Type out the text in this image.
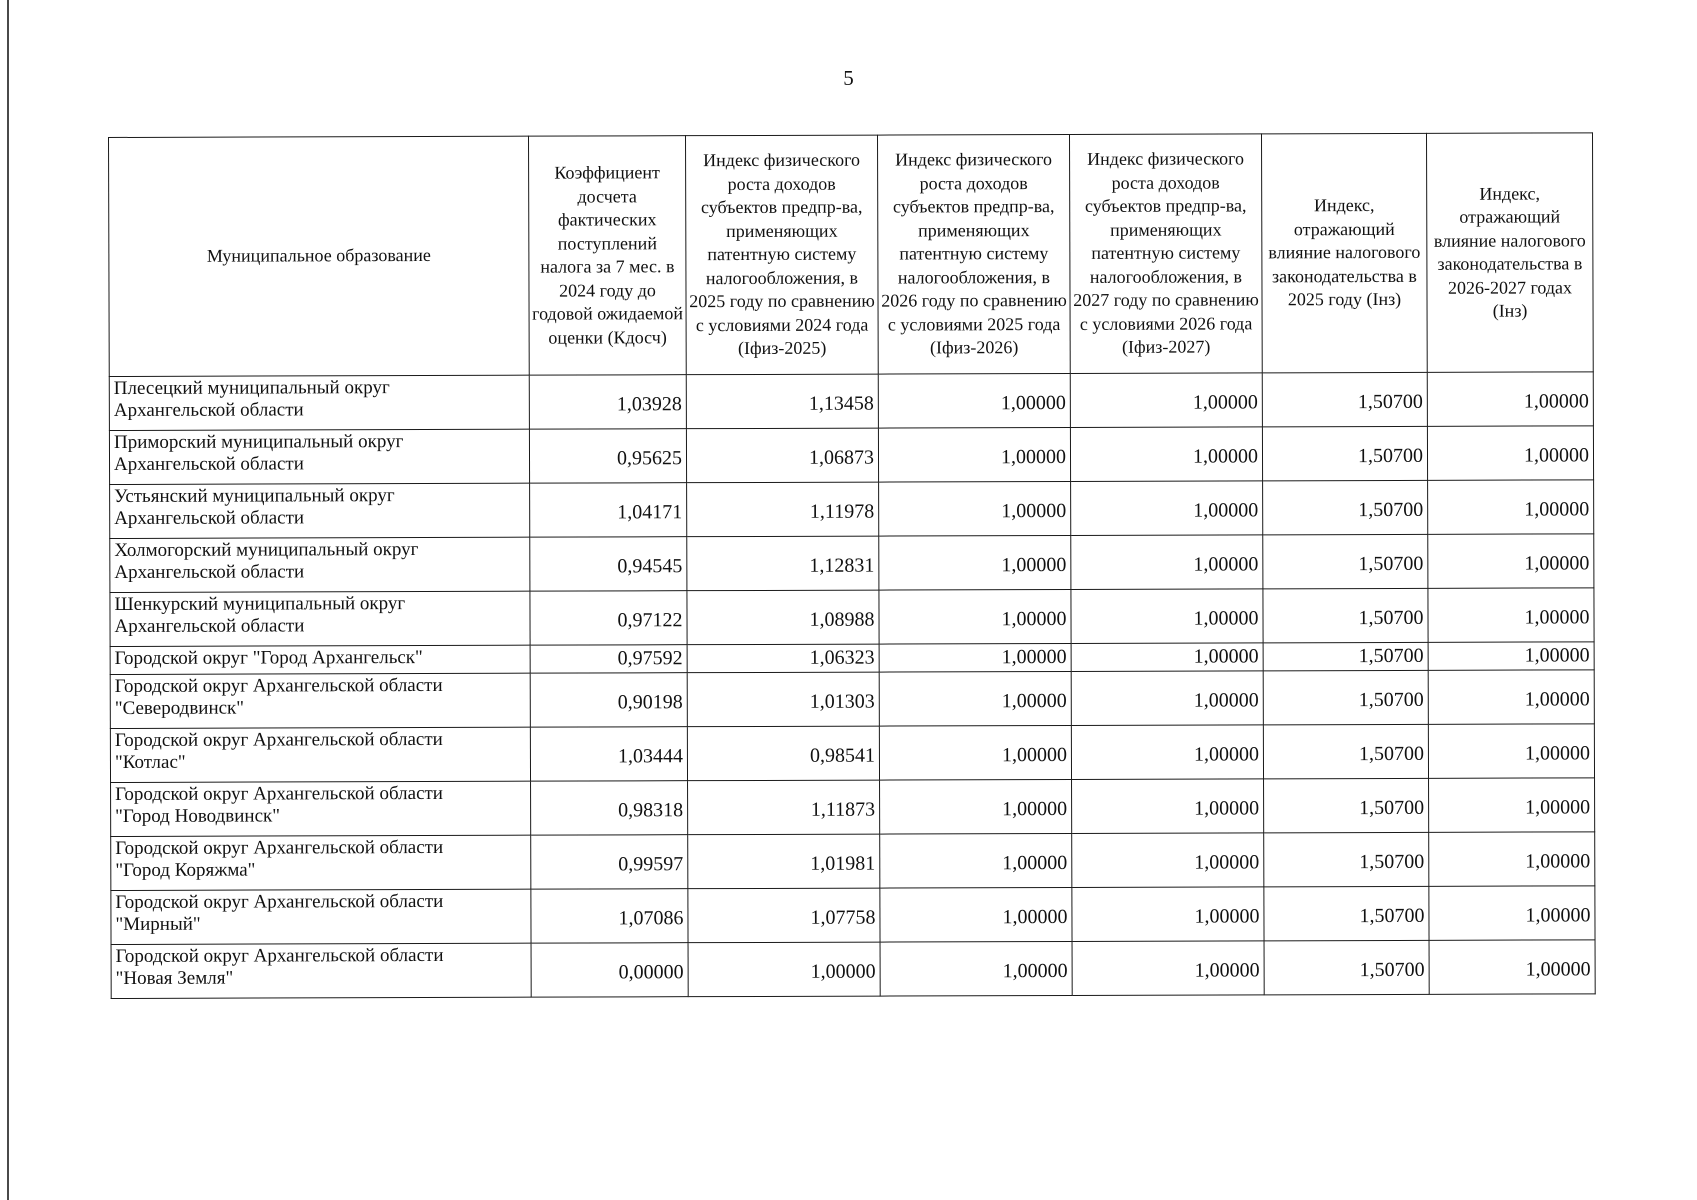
5
Муниципальное образование	Коэффициент досчета фактических поступлений налога за 7 мес. в 2024 году до годовой ожидаемой оценки (Кдосч)	Индекс физического роста доходов субъектов предпр-ва, применяющих патентную систему налогообложения, в 2025 году по сравнению с условиями 2024 года (Iфиз-2025)	Индекс физического роста доходов субъектов предпр-ва, применяющих патентную систему налогообложения, в 2026 году по сравнению с условиями 2025 года (Iфиз-2026)	Индекс физического роста доходов субъектов предпр-ва, применяющих патентную систему налогообложения, в 2027 году по сравнению с условиями 2026 года (Iфиз-2027)	Индекс, отражающий влияние налогового законодательства в 2025 году (Iнз)	Индекс, отражающий влияние налогового законодательства в 2026-2027 годах (Iнз)

Плесецкий муниципальный округ
Архангельской области	1,03928	1,13458	1,00000	1,00000	1,50700	1,00000

Приморский муниципальный округ
Архангельской области	0,95625	1,06873	1,00000	1,00000	1,50700	1,00000

Устьянский муниципальный округ
Архангельской области	1,04171	1,11978	1,00000	1,00000	1,50700	1,00000

Холмогорский муниципальный округ
Архангельской области	0,94545	1,12831	1,00000	1,00000	1,50700	1,00000

Шенкурский муниципальный округ
Архангельской области	0,97122	1,08988	1,00000	1,00000	1,50700	1,00000

Городской округ "Город Архангельск"	0,97592	1,06323	1,00000	1,00000	1,50700	1,00000

Городской округ Архангельской области
"Северодвинск"	0,90198	1,01303	1,00000	1,00000	1,50700	1,00000

Городской округ Архангельской области
"Котлас"	1,03444	0,98541	1,00000	1,00000	1,50700	1,00000

Городской округ Архангельской области
"Город Новодвинск"	0,98318	1,11873	1,00000	1,00000	1,50700	1,00000

Городской округ Архангельской области
"Город Коряжма"	0,99597	1,01981	1,00000	1,00000	1,50700	1,00000

Городской округ Архангельской области
"Мирный"	1,07086	1,07758	1,00000	1,00000	1,50700	1,00000

Городской округ Архангельской области
"Новая Земля"	0,00000	1,00000	1,00000	1,00000	1,50700	1,00000
